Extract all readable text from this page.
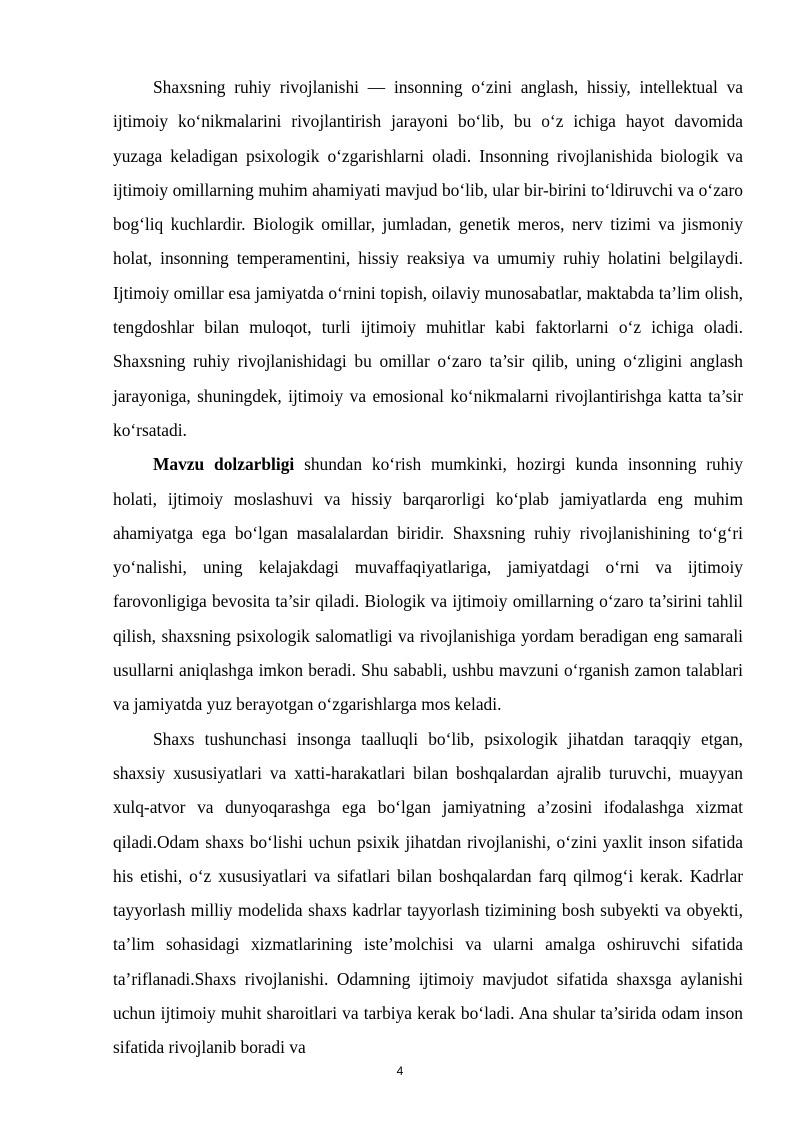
Shaxsning ruhiy rivojlanishi — insonning o‘zini anglash, hissiy, intellektual va ijtimoiy ko‘nikmalarini rivojlantirish jarayoni bo‘lib, bu o‘z ichiga hayot davomida yuzaga keladigan psixologik o‘zgarishlarni oladi. Insonning rivojlanishida biologik va ijtimoiy omillarning muhim ahamiyati mavjud bo‘lib, ular bir-birini to‘ldiruvchi va o‘zaro bog‘liq kuchlardir. Biologik omillar, jumladan, genetik meros, nerv tizimi va jismoniy holat, insonning temperamentini, hissiy reaksiya va umumiy ruhiy holatini belgilaydi. Ijtimoiy omillar esa jamiyatda o‘rnini topish, oilaviy munosabatlar, maktabda ta’lim olish, tengdoshlar bilan muloqot, turli ijtimoiy muhitlar kabi faktorlarni o‘z ichiga oladi. Shaxsning ruhiy rivojlanishidagi bu omillar o‘zaro ta’sir qilib, uning o‘zligini anglash jarayoniga, shuningdek, ijtimoiy va emosional ko‘nikmalarni rivojlantirishga katta ta’sir ko‘rsatadi.

Mavzu dolzarbligi shundan ko‘rish mumkinki, hozirgi kunda insonning ruhiy holati, ijtimoiy moslashuvi va hissiy barqarorligi ko‘plab jamiyatlarda eng muhim ahamiyatga ega bo‘lgan masalalardan biridir. Shaxsning ruhiy rivojlanishining to‘g‘ri yo‘nalishi, uning kelajakdagi muvaffaqiyatlariga, jamiyatdagi o‘rni va ijtimoiy farovonligiga bevosita ta’sir qiladi. Biologik va ijtimoiy omillarning o‘zaro ta’sirini tahlil qilish, shaxsning psixologik salomatligi va rivojlanishiga yordam beradigan eng samarali usullarni aniqlashga imkon beradi. Shu sababli, ushbu mavzuni o‘rganish zamon talablari va jamiyatda yuz berayotgan o‘zgarishlarga mos keladi.

Shaxs tushunchasi insonga taalluqli bo‘lib, psixologik jihatdan taraqqiy etgan, shaxsiy xususiyatlari va xatti-harakatlari bilan boshqalardan ajralib turuvchi, muayyan xulq-atvor va dunyoqarashga ega bo‘lgan jamiyatning a’zosini ifodalashga xizmat qiladi.Odam shaxs bo‘lishi uchun psixik jihatdan rivojlanishi, o‘zini yaxlit inson sifatida his etishi, o‘z xususiyatlari va sifatlari bilan boshqalardan farq qilmog‘i kerak. Kadrlar tayyorlash milliy modelida shaxs kadrlar tayyorlash tizimining bosh subyekti va obyekti, ta’lim sohasidagi xizmatlarining iste’molchisi va ularni amalga oshiruvchi sifatida ta’riflanadi.Shaxs rivojlanishi. Odamning ijtimoiy mavjudot sifatida shaxsga aylanishi uchun ijtimoiy muhit sharoitlari va tarbiya kerak bo‘ladi. Ana shular ta’sirida odam inson sifatida rivojlanib boradi va

4
